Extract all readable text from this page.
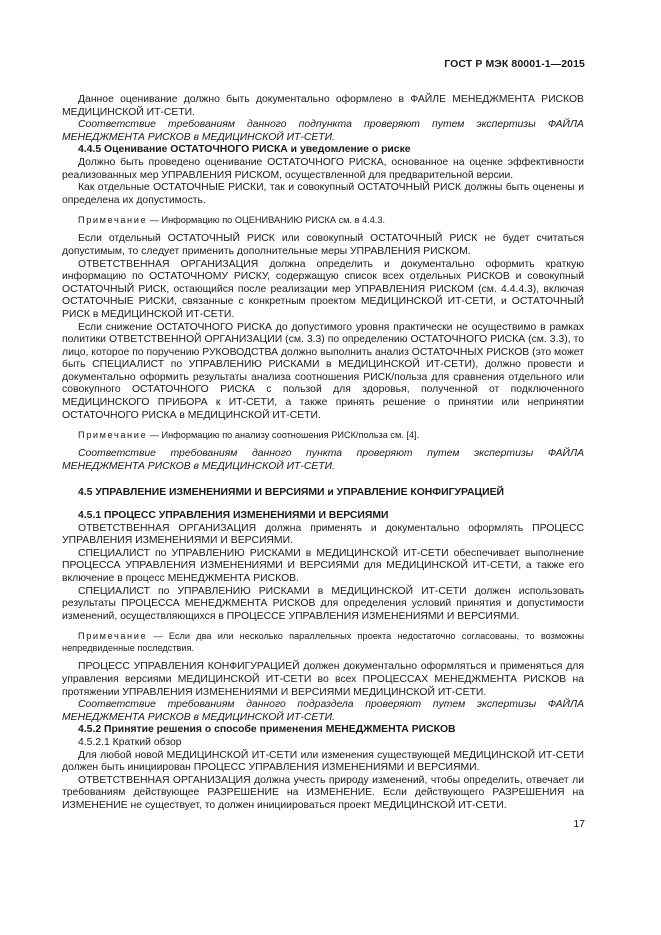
ГОСТ Р МЭК 80001-1—2015

Данное оценивание должно быть документально оформлено в ФАЙЛЕ МЕНЕДЖМЕНТА РИСКОВ МЕДИЦИНСКОЙ ИТ-СЕТИ.

Соответствие требованиям данного подпункта проверяют путем экспертизы ФАЙЛА МЕНЕДЖМЕНТА РИСКОВ в МЕДИЦИНСКОЙ ИТ-СЕТИ.

4.4.5 Оценивание ОСТАТОЧНОГО РИСКА и уведомление о риске

Должно быть проведено оценивание ОСТАТОЧНОГО РИСКА, основанное на оценке эффективности реализованных мер УПРАВЛЕНИЯ РИСКОМ, осуществленной для предварительной версии.

Как отдельные ОСТАТОЧНЫЕ РИСКИ, так и совокупный ОСТАТОЧНЫЙ РИСК должны быть оценены и определена их допустимость.

Примечание — Информацию по ОЦЕНИВАНИЮ РИСКА см. в 4.4.3.

Если отдельный ОСТАТОЧНЫЙ РИСК или совокупный ОСТАТОЧНЫЙ РИСК не будет считаться допустимым, то следует применить дополнительные меры УПРАВЛЕНИЯ РИСКОМ.

ОТВЕТСТВЕННАЯ ОРГАНИЗАЦИЯ должна определить и документально оформить краткую информацию по ОСТАТОЧНОМУ РИСКУ, содержащую список всех отдельных РИСКОВ и совокупный ОСТАТОЧНЫЙ РИСК, остающийся после реализации мер УПРАВЛЕНИЯ РИСКОМ (см. 4.4.4.3), включая ОСТАТОЧНЫЕ РИСКИ, связанные с конкретным проектом МЕДИЦИНСКОЙ ИТ-СЕТИ, и ОСТАТОЧНЫЙ РИСК в МЕДИЦИНСКОЙ ИТ-СЕТИ.

Если снижение ОСТАТОЧНОГО РИСКА до допустимого уровня практически не осуществимо в рамках политики ОТВЕТСТВЕННОЙ ОРГАНИЗАЦИИ (см. 3.3) по определению ОСТАТОЧНОГО РИСКА (см. 3.3), то лицо, которое по поручению РУКОВОДСТВА должно выполнить анализ ОСТАТОЧНЫХ РИСКОВ (это может быть СПЕЦИАЛИСТ по УПРАВЛЕНИЮ РИСКАМИ в МЕДИЦИНСКОЙ ИТ-СЕТИ), должно провести и документально оформить результаты анализа соотношения РИСК/польза для сравнения отдельного или совокупного ОСТАТОЧНОГО РИСКА с пользой для здоровья, полученной от подключенного МЕДИЦИНСКОГО ПРИБОРА к ИТ-СЕТИ, а также принять решение о принятии или непринятии ОСТАТОЧНОГО РИСКА в МЕДИЦИНСКОЙ ИТ-СЕТИ.

Примечание — Информацию по анализу соотношения РИСК/польза см. [4].

Соответствие требованиям данного пункта проверяют путем экспертизы ФАЙЛА МЕНЕДЖМЕНТА РИСКОВ в МЕДИЦИНСКОЙ ИТ-СЕТИ.

4.5 УПРАВЛЕНИЕ ИЗМЕНЕНИЯМИ И ВЕРСИЯМИ и УПРАВЛЕНИЕ КОНФИГУРАЦИЕЙ

4.5.1 ПРОЦЕСС УПРАВЛЕНИЯ ИЗМЕНЕНИЯМИ И ВЕРСИЯМИ

ОТВЕТСТВЕННАЯ ОРГАНИЗАЦИЯ должна применять и документально оформлять ПРОЦЕСС УПРАВЛЕНИЯ ИЗМЕНЕНИЯМИ И ВЕРСИЯМИ.

СПЕЦИАЛИСТ по УПРАВЛЕНИЮ РИСКАМИ в МЕДИЦИНСКОЙ ИТ-СЕТИ обеспечивает выполнение ПРОЦЕССА УПРАВЛЕНИЯ ИЗМЕНЕНИЯМИ И ВЕРСИЯМИ для МЕДИЦИНСКОЙ ИТ-СЕТИ, а также его включение в процесс МЕНЕДЖМЕНТА РИСКОВ.

СПЕЦИАЛИСТ по УПРАВЛЕНИЮ РИСКАМИ в МЕДИЦИНСКОЙ ИТ-СЕТИ должен использовать результаты ПРОЦЕССА МЕНЕДЖМЕНТА РИСКОВ для определения условий принятия и допустимости изменений, осуществляющихся в ПРОЦЕССЕ УПРАВЛЕНИЯ ИЗМЕНЕНИЯМИ И ВЕРСИЯМИ.

Примечание — Если два или несколько параллельных проекта недостаточно согласованы, то возможны непредвиденные последствия.

ПРОЦЕСС УПРАВЛЕНИЯ КОНФИГУРАЦИЕЙ должен документально оформляться и применяться для управления версиями МЕДИЦИНСКОЙ ИТ-СЕТИ во всех ПРОЦЕССАХ МЕНЕДЖМЕНТА РИСКОВ на протяжении УПРАВЛЕНИЯ ИЗМЕНЕНИЯМИ И ВЕРСИЯМИ МЕДИЦИНСКОЙ ИТ-СЕТИ.

Соответствие требованиям данного подраздела проверяют путем экспертизы ФАЙЛА МЕНЕДЖМЕНТА РИСКОВ в МЕДИЦИНСКОЙ ИТ-СЕТИ.

4.5.2 Принятие решения о способе применения МЕНЕДЖМЕНТА РИСКОВ

4.5.2.1 Краткий обзор

Для любой новой МЕДИЦИНСКОЙ ИТ-СЕТИ или изменения существующей МЕДИЦИНСКОЙ ИТ-СЕТИ должен быть инициирован ПРОЦЕСС УПРАВЛЕНИЯ ИЗМЕНЕНИЯМИ И ВЕРСИЯМИ.

ОТВЕТСТВЕННАЯ ОРГАНИЗАЦИЯ должна учесть природу изменений, чтобы определить, отвечает ли требованиям действующее РАЗРЕШЕНИЕ на ИЗМЕНЕНИЕ. Если действующего РАЗРЕШЕНИЯ на ИЗМЕНЕНИЕ не существует, то должен инициироваться проект МЕДИЦИНСКОЙ ИТ-СЕТИ.

17
